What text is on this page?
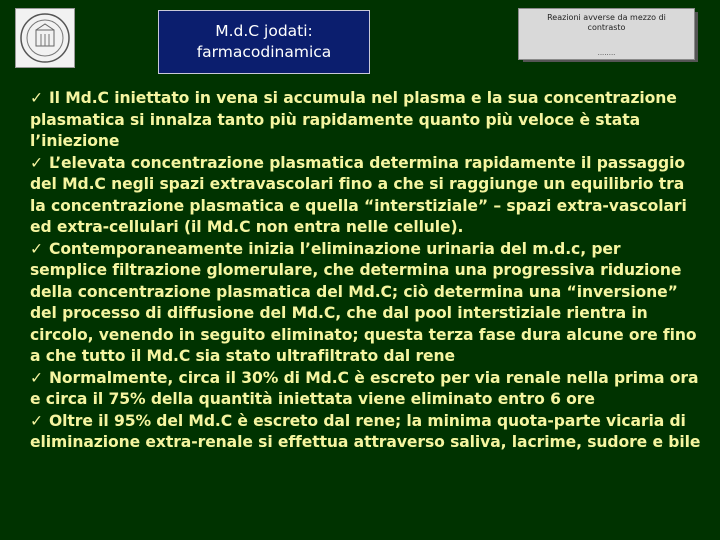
M.d.C jodati:
farmacodinamica
Reazioni avverse da mezzo di contrasto
........

✓ Il Md.C iniettato in vena si accumula nel plasma e la sua concentrazione plasmatica si innalza tanto più rapidamente quanto più veloce è stata l’iniezione

✓ L’elevata concentrazione plasmatica determina rapidamente il passaggio del Md.C negli spazi extravascolari fino a che si raggiunge un equilibrio tra la concentrazione plasmatica e quella “interstiziale” – spazi extra-vascolari ed extra-cellulari (il Md.C non entra nelle cellule).

✓ Contemporaneamente inizia l’eliminazione urinaria del m.d.c, per semplice filtrazione glomerulare, che determina una progressiva riduzione della concentrazione plasmatica del Md.C; ciò determina una “inversione” del processo di diffusione del Md.C, che dal pool interstiziale rientra in circolo, venendo in seguito eliminato; questa terza fase dura alcune ore fino a che tutto il Md.C sia stato ultrafiltrato dal rene

✓ Normalmente, circa il 30% di Md.C è escreto per via renale nella prima ora e circa il 75% della quantità iniettata viene eliminato entro 6 ore

✓ Oltre il 95% del Md.C è escreto dal rene; la minima quota-parte vicaria di eliminazione extra-renale si effettua attraverso saliva, lacrime, sudore e bile
